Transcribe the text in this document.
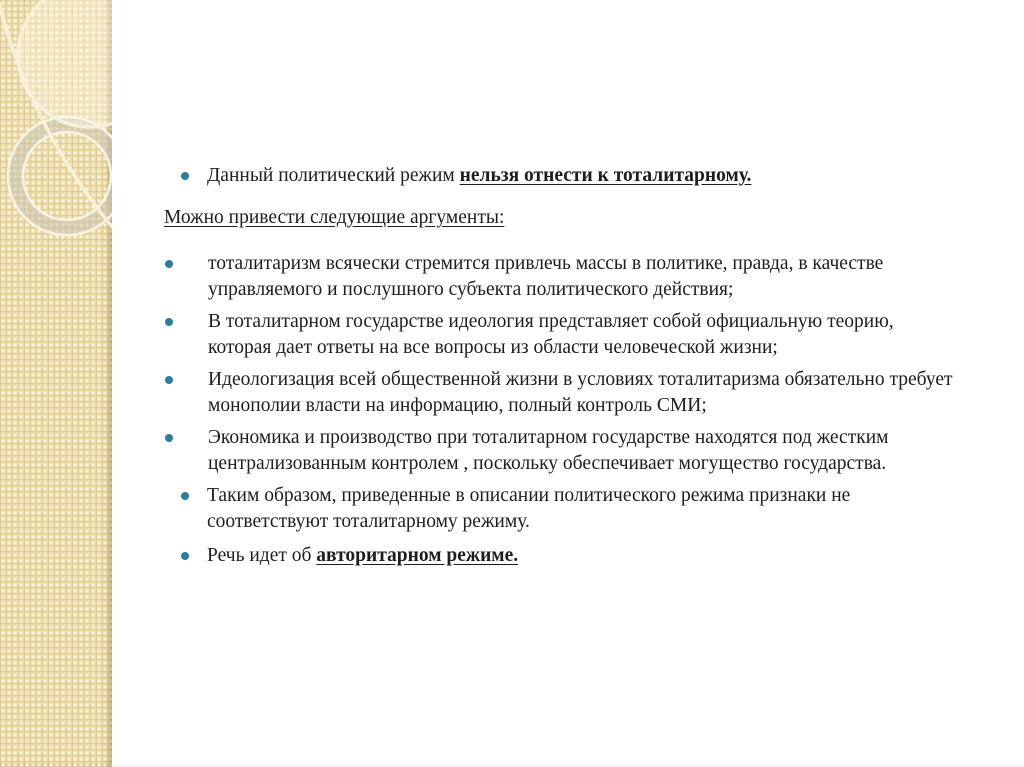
Данный политический режим нельзя отнести к тоталитарному.
Можно привести следующие аргументы:
тоталитаризм всячески стремится привлечь массы в политике, правда, в качестве управляемого и послушного субъекта политического действия;
В тоталитарном государстве идеология представляет собой официальную теорию, которая дает ответы на все вопросы из области человеческой жизни;
Идеологизация всей общественной жизни в условиях тоталитаризма обязательно требует монополии власти на информацию, полный контроль СМИ;
Экономика и производство при тоталитарном государстве находятся под жестким централизованным контролем , поскольку обеспечивает могущество государства.
Таким образом, приведенные в описании политического режима признаки не соответствуют тоталитарному режиму.
Речь идет об авторитарном режиме.
